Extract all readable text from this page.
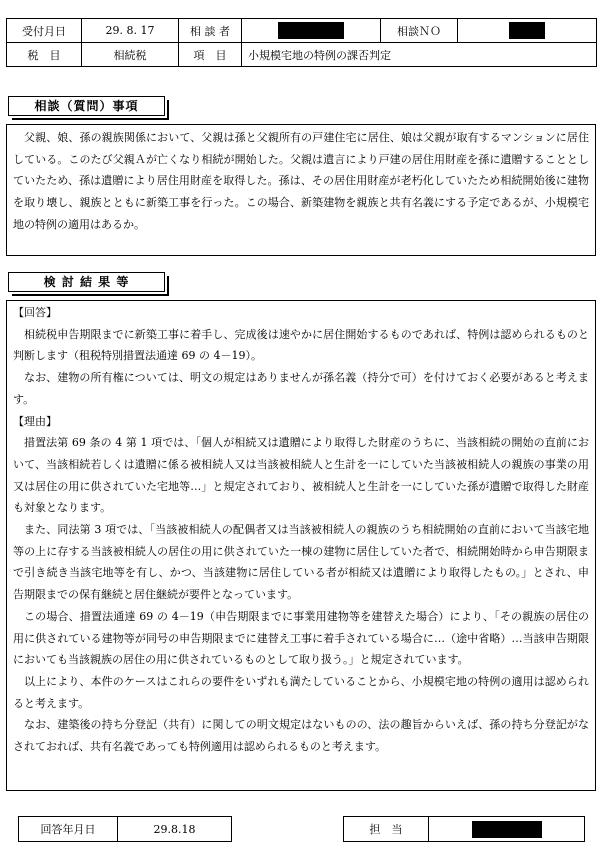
受付月日	29. 8. 17	相 談 者		相談ＮＯ	
税　目	相続税	項　目	小規模宅地の特例の課否判定		
相談（質問）事項

父親、娘、孫の親族関係において、父親は孫と父親所有の戸建住宅に居住、娘は父親が取有するマンションに居住している。このたび父親Ａが亡くなり相続が開始した。父親は遺言により戸建の居住用財産を孫に遺贈することとしていたため、孫は遺贈により居住用財産を取得した。孫は、その居住用財産が老朽化していたため相続開始後に建物を取り壊し、親族とともに新築工事を行った。この場合、新築建物を親族と共有名義にする予定であるが、小規模宅地の特例の適用はあるか。

検 討 結 果 等

【回答】

相続税申告期限までに新築工事に着手し、完成後は速やかに居住開始するものであれば、特例は認められるものと判断します（租税特別措置法通達 69 の 4－19）。

なお、建物の所有権については、明文の規定はありませんが孫名義（持分で可）を付けておく必要があると考えます。

【理由】

措置法第 69 条の 4 第 1 項では、「個人が相続又は遺贈により取得した財産のうちに、当該相続の開始の直前において、当該相続若しくは遺贈に係る被相続人又は当該被相続人と生計を一にしていた当該被相続人の親族の事業の用又は居住の用に供されていた宅地等…」と規定されており、被相続人と生計を一にしていた孫が遺贈で取得した財産も対象となります。

また、同法第 3 項では、「当該被相続人の配偶者又は当該被相続人の親族のうち相続開始の直前において当該宅地等の上に存する当該被相続人の居住の用に供されていた一棟の建物に居住していた者で、相続開始時から申告期限まで引き続き当該宅地等を有し、かつ、当該建物に居住している者が相続又は遺贈により取得したもの。」とされ、申告期限までの保有継続と居住継続が要件となっています。

この場合、措置法通達 69 の 4－19（申告期限までに事業用建物等を建替えた場合）により、「その親族の居住の用に供されている建物等が同号の申告期限までに建替え工事に着手されている場合に…（途中省略）…当該申告期限においても当該親族の居住の用に供されているものとして取り扱う。」と規定されています。

以上により、本件のケースはこれらの要件をいずれも満たしていることから、小規模宅地の特例の適用は認められると考えます。

なお、建築後の持ち分登記（共有）に関しての明文規定はないものの、法の趣旨からいえば、孫の持ち分登記がなされておれば、共有名義であっても特例適用は認められるものと考えます。

回答年月日	29.8.18	担　当	
